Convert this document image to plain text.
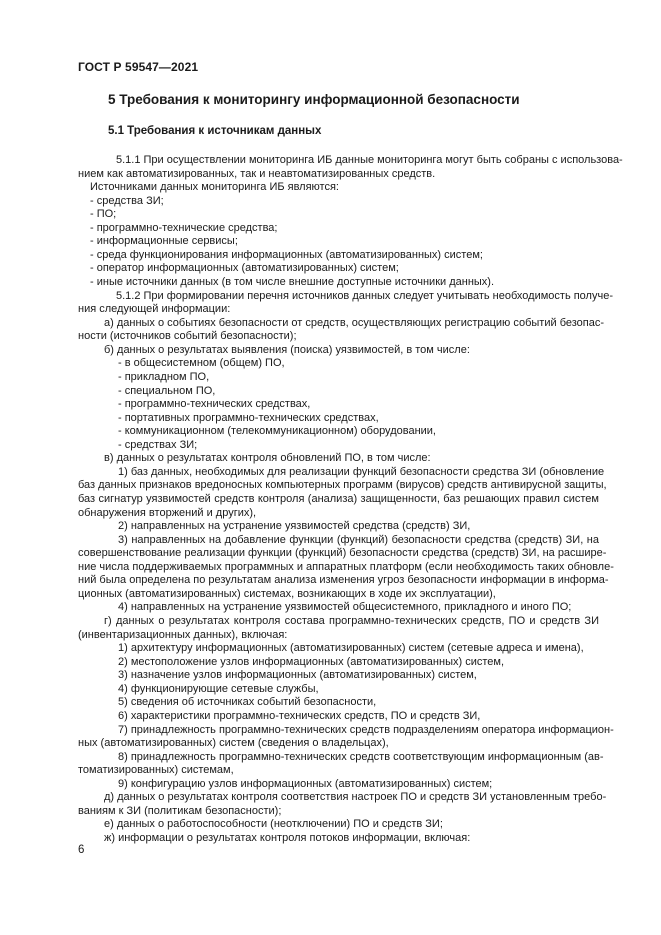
ГОСТ Р 59547—2021
5 Требования к мониторингу информационной безопасности
5.1 Требования к источникам данных
5.1.1 При осуществлении мониторинга ИБ данные мониторинга могут быть собраны с использова-
нием как автоматизированных, так и неавтоматизированных средств.
Источниками данных мониторинга ИБ являются:
- средства ЗИ;
- ПО;
- программно-технические средства;
- информационные сервисы;
- среда функционирования информационных (автоматизированных) систем;
- оператор информационных (автоматизированных) систем;
- иные источники данных (в том числе внешние доступные источники данных).
5.1.2 При формировании перечня источников данных следует учитывать необходимость получе-
ния следующей информации:
а) данных о событиях безопасности от средств, осуществляющих регистрацию событий безопас-
ности (источников событий безопасности);
б) данных о результатах выявления (поиска) уязвимостей, в том числе:
- в общесистемном (общем) ПО,
- прикладном ПО,
- специальном ПО,
- программно-технических средствах,
- портативных программно-технических средствах,
- коммуникационном (телекоммуникационном) оборудовании,
- средствах ЗИ;
в) данных о результатах контроля обновлений ПО, в том числе:
1) баз данных, необходимых для реализации функций безопасности средства ЗИ (обновление
баз данных признаков вредоносных компьютерных программ (вирусов) средств антивирусной защиты,
баз сигнатур уязвимостей средств контроля (анализа) защищенности, баз решающих правил систем
обнаружения вторжений и других),
2) направленных на устранение уязвимостей средства (средств) ЗИ,
3) направленных на добавление функции (функций) безопасности средства (средств) ЗИ, на
совершенствование реализации функции (функций) безопасности средства (средств) ЗИ, на расшире-
ние числа поддерживаемых программных и аппаратных платформ (если необходимость таких обновле-
ний была определена по результатам анализа изменения угроз безопасности информации в информа-
ционных (автоматизированных) системах, возникающих в ходе их эксплуатации),
4) направленных на устранение уязвимостей общесистемного, прикладного и иного ПО;
г) данных о результатах контроля состава программно-технических средств, ПО и средств ЗИ
(инвентаризационных данных), включая:
1) архитектуру информационных (автоматизированных) систем (сетевые адреса и имена),
2) местоположение узлов информационных (автоматизированных) систем,
3) назначение узлов информационных (автоматизированных) систем,
4) функционирующие сетевые службы,
5) сведения об источниках событий безопасности,
6) характеристики программно-технических средств, ПО и средств ЗИ,
7) принадлежность программно-технических средств подразделениям оператора информацион-
ных (автоматизированных) систем (сведения о владельцах),
8) принадлежность программно-технических средств соответствующим информационным (ав-
томатизированных) системам,
9) конфигурацию узлов информационных (автоматизированных) систем;
д) данных о результатах контроля соответствия настроек ПО и средств ЗИ установленным требо-
ваниям к ЗИ (политикам безопасности);
е) данных о работоспособности (неотключении) ПО и средств ЗИ;
ж) информации о результатах контроля потоков информации, включая:
6
